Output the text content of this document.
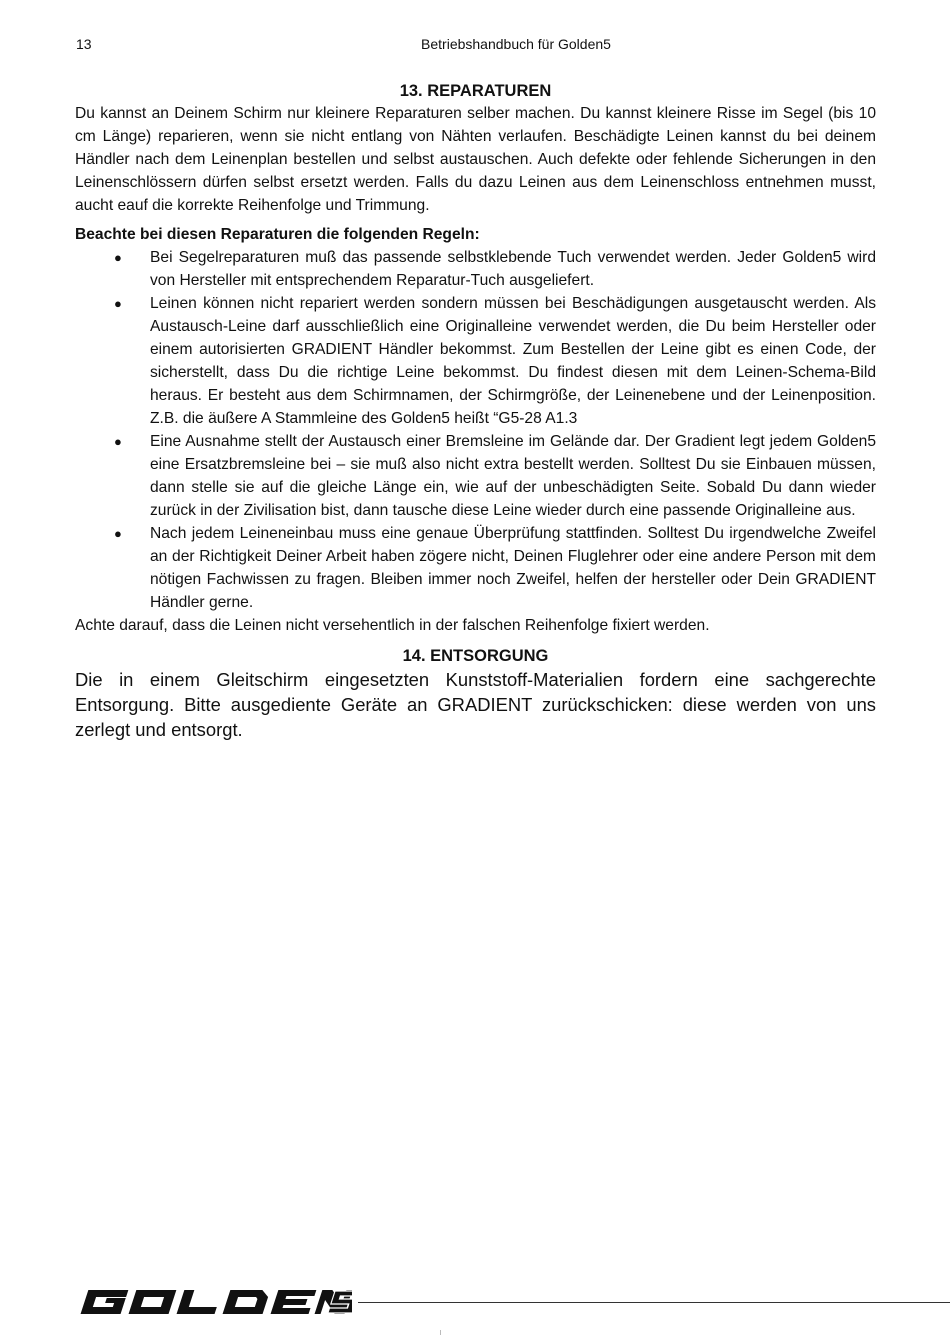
13	Betriebshandbuch für Golden5
13. REPARATUREN

Du kannst an Deinem Schirm nur kleinere Reparaturen selber machen. Du kannst kleinere Risse im Segel (bis 10 cm Länge) reparieren, wenn sie nicht entlang von Nähten verlaufen. Beschädigte Leinen kannst du bei deinem Händler nach dem Leinenplan bestellen und selbst austauschen. Auch defekte oder fehlende Sicherungen in den Leinenschlössern dürfen selbst ersetzt werden. Falls du dazu Leinen aus dem Leinenschloss entnehmen musst, aucht eauf die korrekte Reihenfolge und Trimmung.

Beachte bei diesen Reparaturen die folgenden Regeln:

● Bei Segelreparaturen muß das passende selbstklebende Tuch verwendet werden. Jeder Golden5 wird von Hersteller mit entsprechendem Reparatur-Tuch ausgeliefert.
● Leinen können nicht repariert werden sondern müssen bei Beschädigungen ausgetauscht werden. Als Austausch-Leine darf ausschließlich eine Originalleine verwendet werden, die Du beim Hersteller oder einem autorisierten GRADIENT Händler bekommst. Zum Bestellen der Leine gibt es einen Code, der sicherstellt, dass Du die richtige Leine bekommst. Du findest diesen mit dem Leinen-Schema-Bild heraus. Er besteht aus dem Schirmnamen, der Schirmgröße, der Leinenebene und der Leinenposition. Z.B. die äußere A Stammleine des Golden5 heißt “G5-28 A1.3
● Eine Ausnahme stellt der Austausch einer Bremsleine im Gelände dar. Der Gradient legt jedem Golden5 eine Ersatzbremsleine bei – sie muß also nicht extra bestellt werden. Solltest Du sie Einbauen müssen, dann stelle sie auf die gleiche Länge ein, wie auf der unbeschädigten Seite. Sobald Du dann wieder zurück in der Zivilisation bist, dann tausche diese Leine wieder durch eine passende Originalleine aus.
● Nach jedem Leineneinbau muss eine genaue Überprüfung stattfinden. Solltest Du irgendwelche Zweifel an der Richtigkeit Deiner Arbeit haben zögere nicht, Deinen Fluglehrer oder eine andere Person mit dem nötigen Fachwissen zu fragen. Bleiben immer noch Zweifel, helfen der hersteller oder Dein GRADIENT Händler gerne.

Achte darauf, dass die Leinen nicht versehentlich in der falschen Reihenfolge fixiert werden.

14. ENTSORGUNG

Die in einem Gleitschirm eingesetzten Kunststoff-Materialien fordern eine sachgerechte Entsorgung. Bitte ausgediente Geräte an GRADIENT zurückschicken: diese werden von uns zerlegt und entsorgt.
